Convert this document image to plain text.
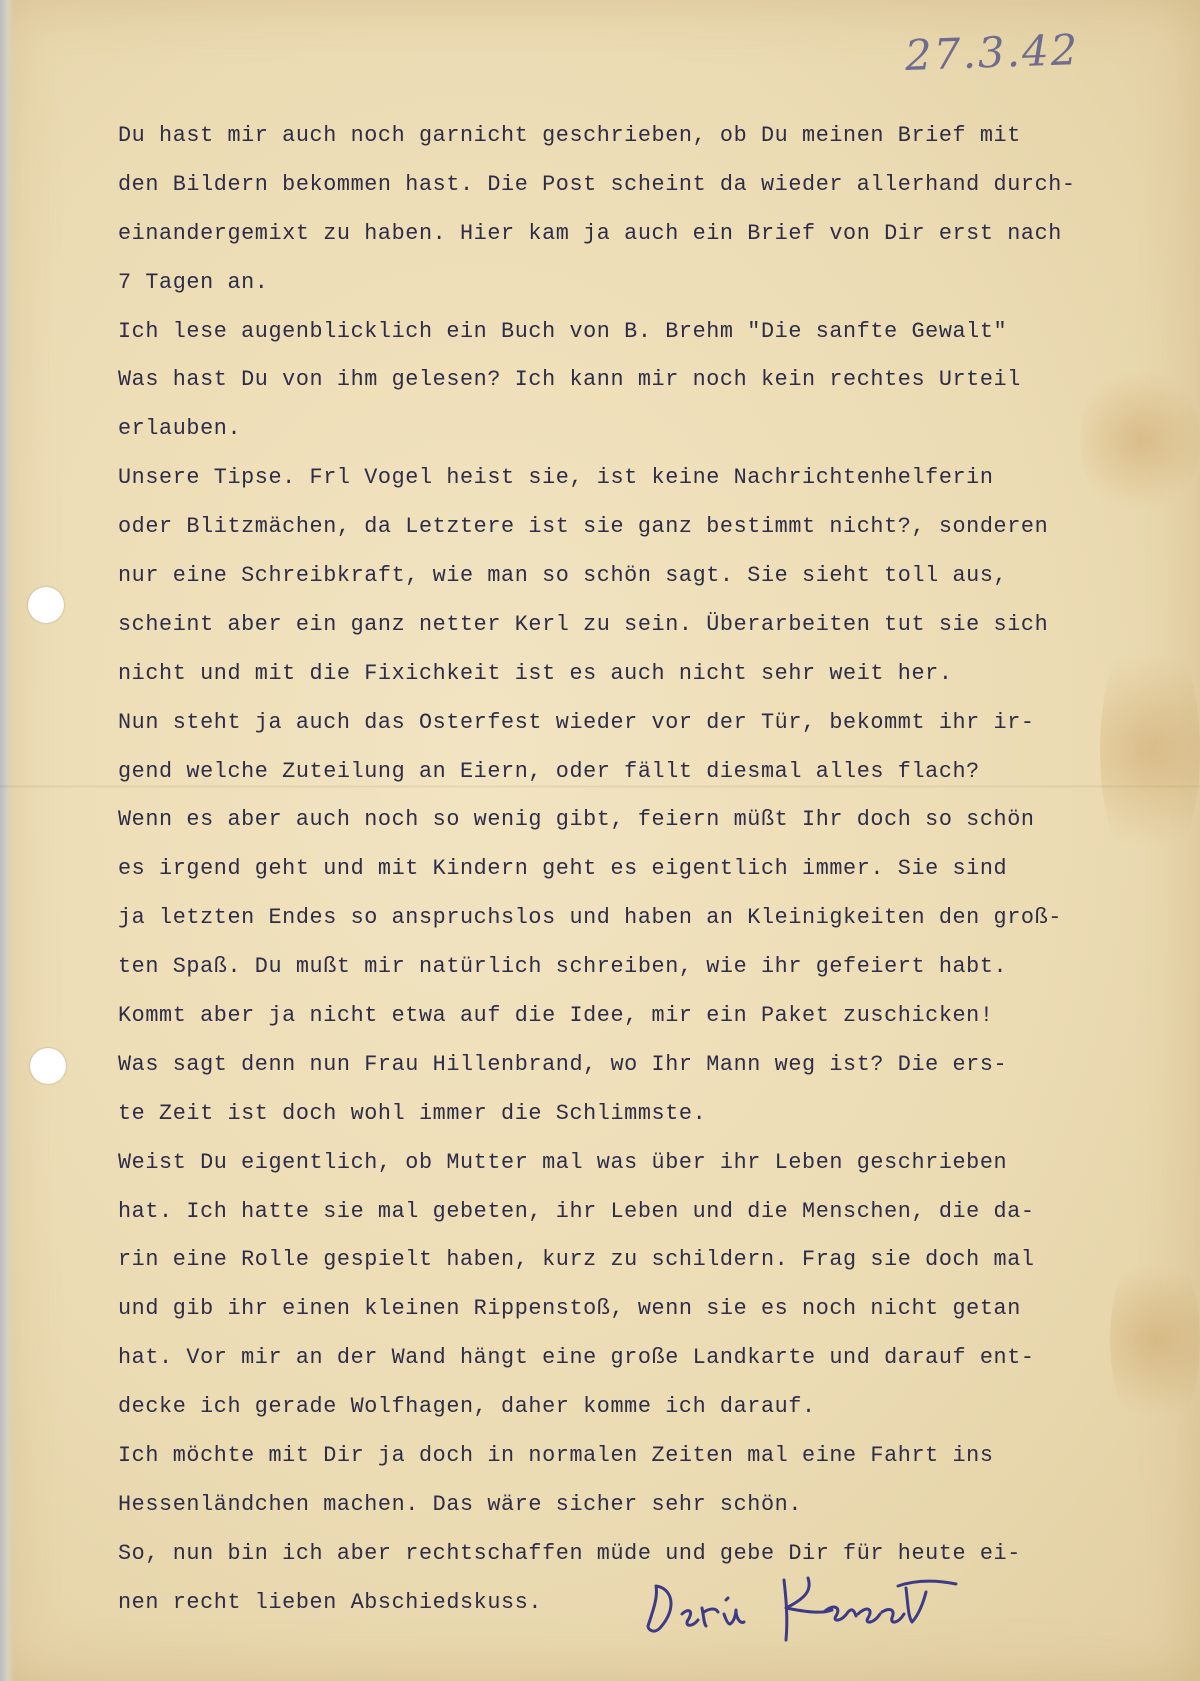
27.3.42
Du hast mir auch noch garnicht geschrieben, ob Du meinen Brief mit
den Bildern bekommen hast. Die Post scheint da wieder allerhand durch-
einandergemixt zu haben. Hier kam ja auch ein Brief von Dir erst nach
7 Tagen an.
Ich lese augenblicklich ein Buch von B. Brehm "Die sanfte Gewalt"
Was hast Du von ihm gelesen? Ich kann mir noch kein rechtes Urteil
erlauben.
Unsere Tipse. Frl Vogel heist sie, ist keine Nachrichtenhelferin
oder Blitzmächen, da Letztere ist sie ganz bestimmt nicht?, sonderen
nur eine Schreibkraft, wie man so schön sagt. Sie sieht toll aus,
scheint aber ein ganz netter Kerl zu sein. Überarbeiten tut sie sich
nicht und mit die Fixichkeit ist es auch nicht sehr weit her.
Nun steht ja auch das Osterfest wieder vor der Tür, bekommt ihr ir-
gend welche Zuteilung an Eiern, oder fällt diesmal alles flach?
Wenn es aber auch noch so wenig gibt, feiern müßt Ihr doch so schön
es irgend geht und mit Kindern geht es eigentlich immer. Sie sind
ja letzten Endes so anspruchslos und haben an Kleinigkeiten den groß-
ten Spaß. Du mußt mir natürlich schreiben, wie ihr gefeiert habt.
Kommt aber ja nicht etwa auf die Idee, mir ein Paket zuschicken!
Was sagt denn nun Frau Hillenbrand, wo Ihr Mann weg ist? Die ers-
te Zeit ist doch wohl immer die Schlimmste.
Weist Du eigentlich, ob Mutter mal was über ihr Leben geschrieben
hat. Ich hatte sie mal gebeten, ihr Leben und die Menschen, die da-
rin eine Rolle gespielt haben, kurz zu schildern. Frag sie doch mal
und gib ihr einen kleinen Rippenstoß, wenn sie es noch nicht getan
hat. Vor mir an der Wand hängt eine große Landkarte und darauf ent-
decke ich gerade Wolfhagen, daher komme ich darauf.
Ich möchte mit Dir ja doch in normalen Zeiten mal eine Fahrt ins
Hessenländchen machen. Das wäre sicher sehr schön.
So, nun bin ich aber rechtschaffen müde und gebe Dir für heute ei-
nen recht lieben Abschiedskuss.
